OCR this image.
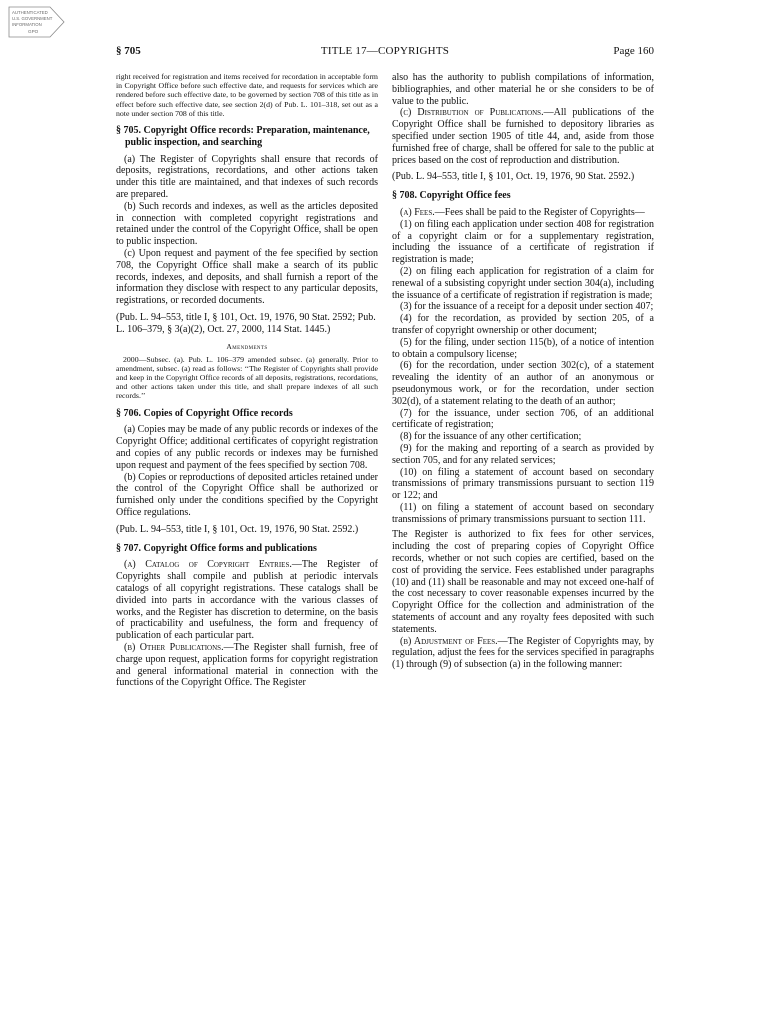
AUTHENTICATED
U.S. GOVERNMENT
INFORMATION
GPO
TITLE 17—COPYRIGHTS
§ 705	Page 160

right received for registration and items received for recordation in acceptable form in Copyright Office before such effective date, and requests for services which are rendered before such effective date, to be governed by section 708 of this title as in effect before such effective date, see section 2(d) of Pub. L. 101–318, set out as a note under section 708 of this title.

§ 705. Copyright Office records: Preparation, maintenance, public inspection, and searching

(a) The Register of Copyrights shall ensure that records of deposits, registrations, recordations, and other actions taken under this title are maintained, and that indexes of such records are prepared.

(b) Such records and indexes, as well as the articles deposited in connection with completed copyright registrations and retained under the control of the Copyright Office, shall be open to public inspection.

(c) Upon request and payment of the fee specified by section 708, the Copyright Office shall make a search of its public records, indexes, and deposits, and shall furnish a report of the information they disclose with respect to any particular deposits, registrations, or recorded documents.

(Pub. L. 94–553, title I, § 101, Oct. 19, 1976, 90 Stat. 2592; Pub. L. 106–379, § 3(a)(2), Oct. 27, 2000, 114 Stat. 1445.)

Amendments

2000—Subsec. (a). Pub. L. 106–379 amended subsec. (a) generally. Prior to amendment, subsec. (a) read as follows: ‘‘The Register of Copyrights shall provide and keep in the Copyright Office records of all deposits, registrations, recordations, and other actions taken under this title, and shall prepare indexes of all such records.’’

§ 706. Copies of Copyright Office records

(a) Copies may be made of any public records or indexes of the Copyright Office; additional certificates of copyright registration and copies of any public records or indexes may be furnished upon request and payment of the fees specified by section 708.

(b) Copies or reproductions of deposited articles retained under the control of the Copyright Office shall be authorized or furnished only under the conditions specified by the Copyright Office regulations.

(Pub. L. 94–553, title I, § 101, Oct. 19, 1976, 90 Stat. 2592.)

§ 707. Copyright Office forms and publications

(a) Catalog of Copyright Entries.—The Register of Copyrights shall compile and publish at periodic intervals catalogs of all copyright registrations. These catalogs shall be divided into parts in accordance with the various classes of works, and the Register has discretion to determine, on the basis of practicability and usefulness, the form and frequency of publication of each particular part.

(b) Other Publications.—The Register shall furnish, free of charge upon request, application forms for copyright registration and general informational material in connection with the functions of the Copyright Office. The Register

also has the authority to publish compilations of information, bibliographies, and other material he or she considers to be of value to the public.

(c) Distribution of Publications.—All publications of the Copyright Office shall be furnished to depository libraries as specified under section 1905 of title 44, and, aside from those furnished free of charge, shall be offered for sale to the public at prices based on the cost of reproduction and distribution.

(Pub. L. 94–553, title I, § 101, Oct. 19, 1976, 90 Stat. 2592.)

§ 708. Copyright Office fees

(a) Fees.—Fees shall be paid to the Register of Copyrights—

(1) on filing each application under section 408 for registration of a copyright claim or for a supplementary registration, including the issuance of a certificate of registration if registration is made;

(2) on filing each application for registration of a claim for renewal of a subsisting copyright under section 304(a), including the issuance of a certificate of registration if registration is made;

(3) for the issuance of a receipt for a deposit under section 407;

(4) for the recordation, as provided by section 205, of a transfer of copyright ownership or other document;

(5) for the filing, under section 115(b), of a notice of intention to obtain a compulsory license;

(6) for the recordation, under section 302(c), of a statement revealing the identity of an author of an anonymous or pseudonymous work, or for the recordation, under section 302(d), of a statement relating to the death of an author;

(7) for the issuance, under section 706, of an additional certificate of registration;

(8) for the issuance of any other certification;

(9) for the making and reporting of a search as provided by section 705, and for any related services;

(10) on filing a statement of account based on secondary transmissions of primary transmissions pursuant to section 119 or 122; and

(11) on filing a statement of account based on secondary transmissions of primary transmissions pursuant to section 111.

The Register is authorized to fix fees for other services, including the cost of preparing copies of Copyright Office records, whether or not such copies are certified, based on the cost of providing the service. Fees established under paragraphs (10) and (11) shall be reasonable and may not exceed one-half of the cost necessary to cover reasonable expenses incurred by the Copyright Office for the collection and administration of the statements of account and any royalty fees deposited with such statements.

(b) Adjustment of Fees.—The Register of Copyrights may, by regulation, adjust the fees for the services specified in paragraphs (1) through (9) of subsection (a) in the following manner:
